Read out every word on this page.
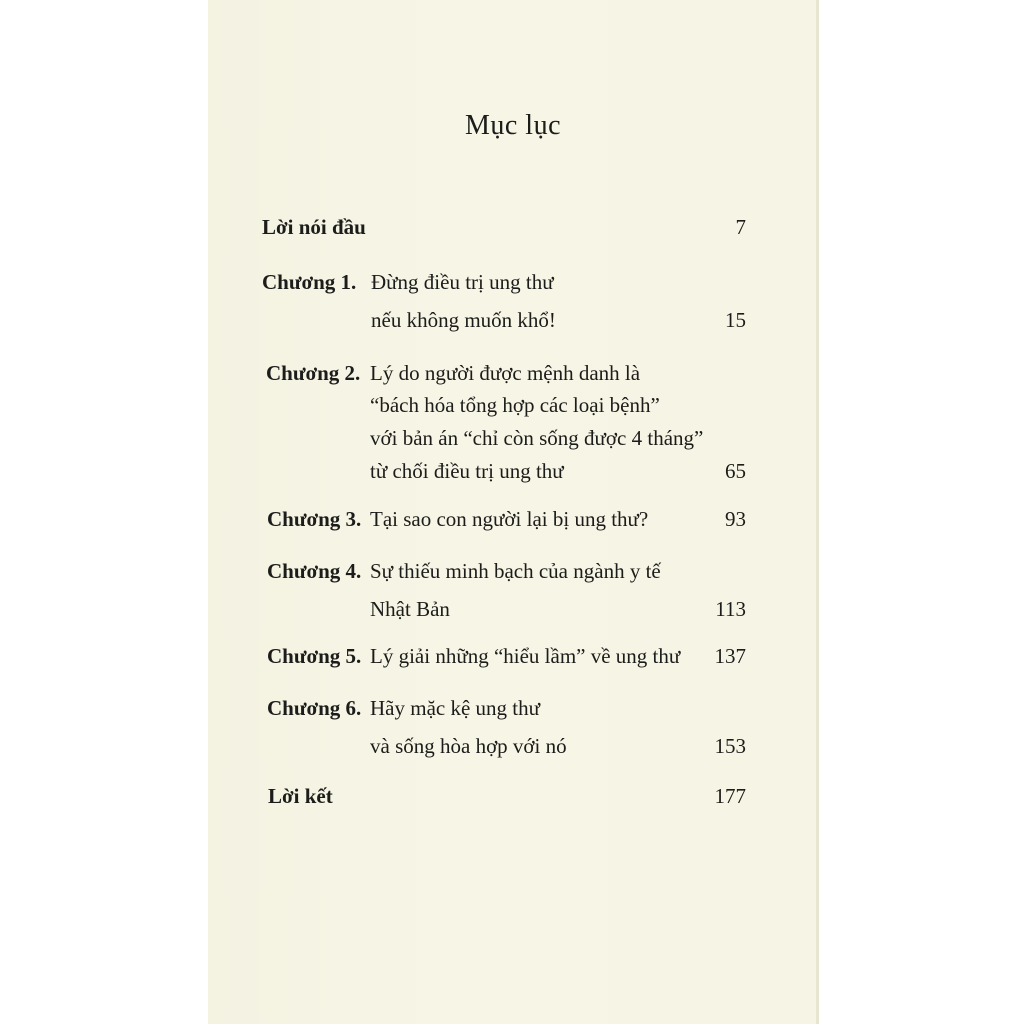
Mục lục
Lời nói đầu	7
Chương 1. Đừng điều trị ung thư
nếu không muốn khổ!	15
Chương 2. Lý do người được mệnh danh là
“bách hóa tổng hợp các loại bệnh”
với bản án “chỉ còn sống được 4 tháng”
từ chối điều trị ung thư	65
Chương 3. Tại sao con người lại bị ung thư?	93
Chương 4. Sự thiếu minh bạch của ngành y tế
Nhật Bản	113
Chương 5. Lý giải những “hiểu lầm” về ung thư	137
Chương 6. Hãy mặc kệ ung thư
và sống hòa hợp với nó	153
Lời kết	177
